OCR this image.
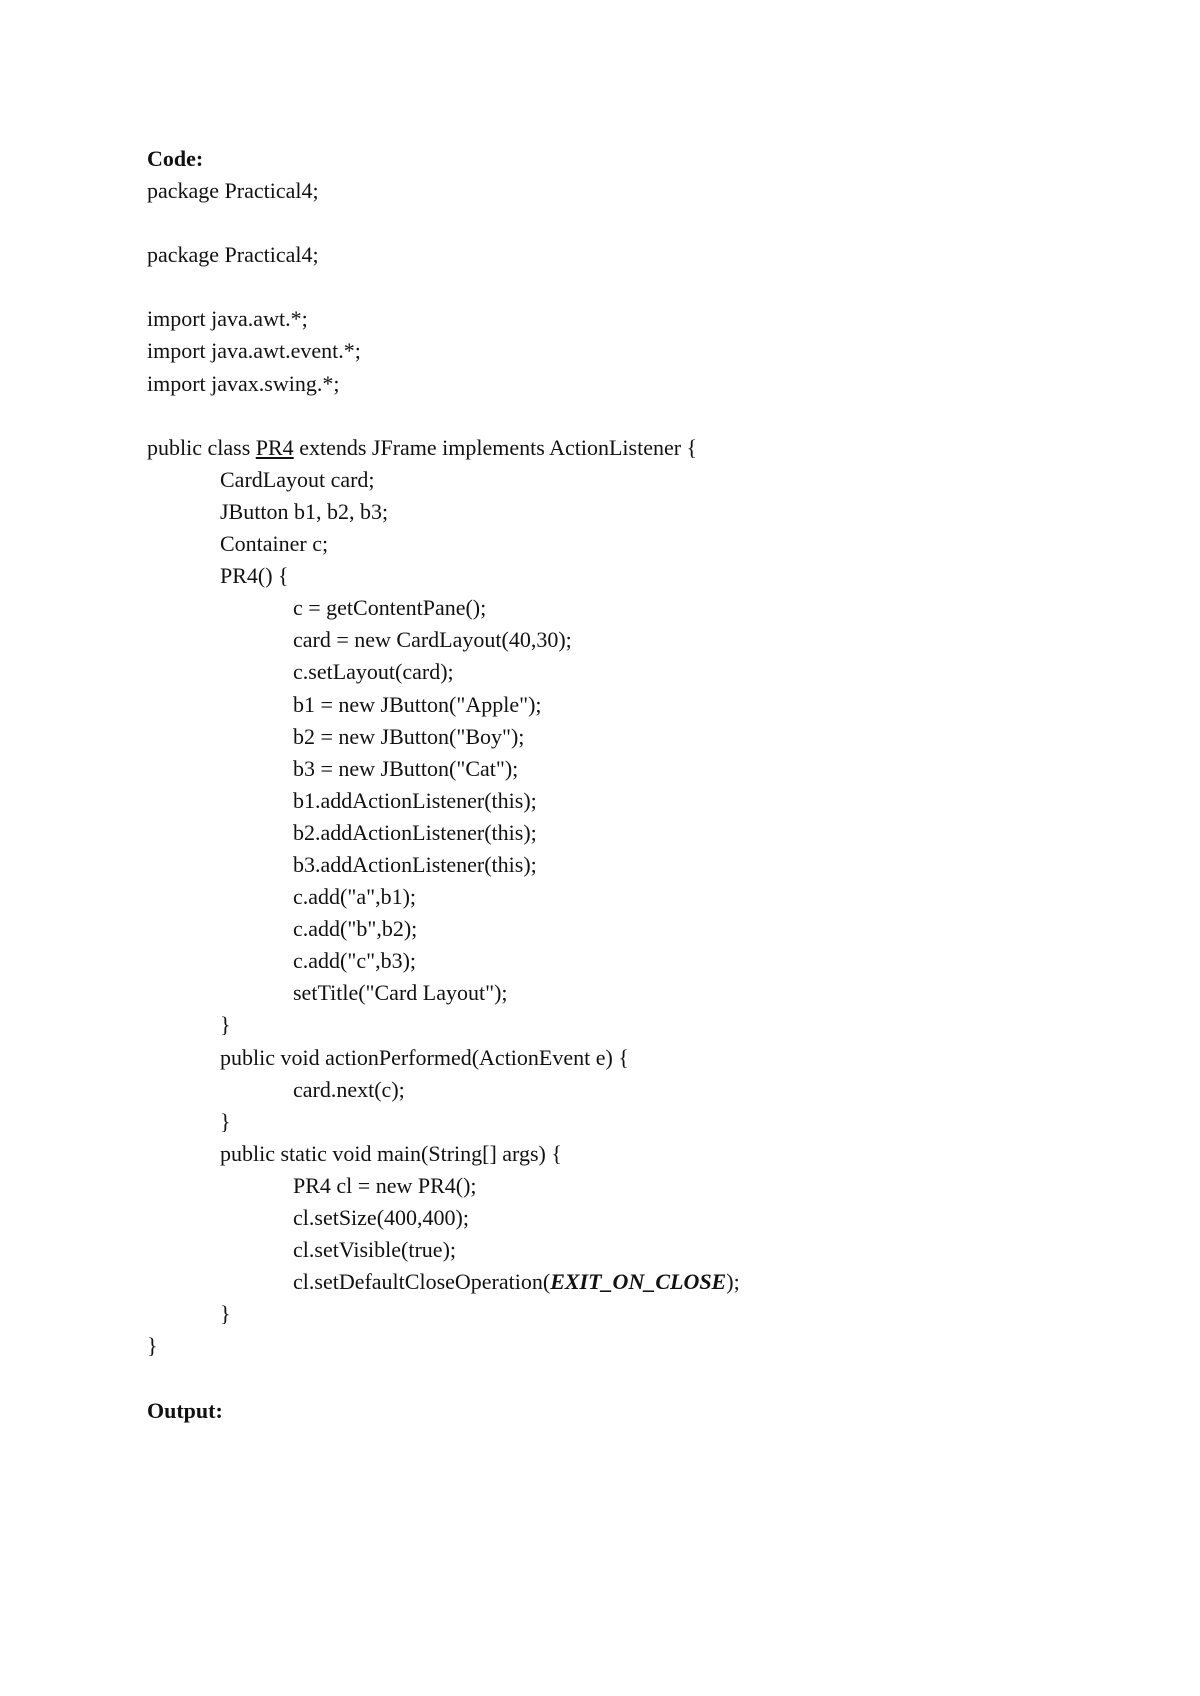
Code:
package Practical4;
package Practical4;
import java.awt.*;
import java.awt.event.*;
import javax.swing.*;
public class PR4 extends JFrame implements ActionListener {
CardLayout card;
JButton b1, b2, b3;
Container c;
PR4() {
c = getContentPane();
card = new CardLayout(40,30);
c.setLayout(card);
b1 = new JButton("Apple");
b2 = new JButton("Boy");
b3 = new JButton("Cat");
b1.addActionListener(this);
b2.addActionListener(this);
b3.addActionListener(this);
c.add("a",b1);
c.add("b",b2);
c.add("c",b3);
setTitle("Card Layout");
}
public void actionPerformed(ActionEvent e) {
card.next(c);
}
public static void main(String[] args) {
PR4 cl = new PR4();
cl.setSize(400,400);
cl.setVisible(true);
cl.setDefaultCloseOperation(EXIT_ON_CLOSE);
}
}
Output:
